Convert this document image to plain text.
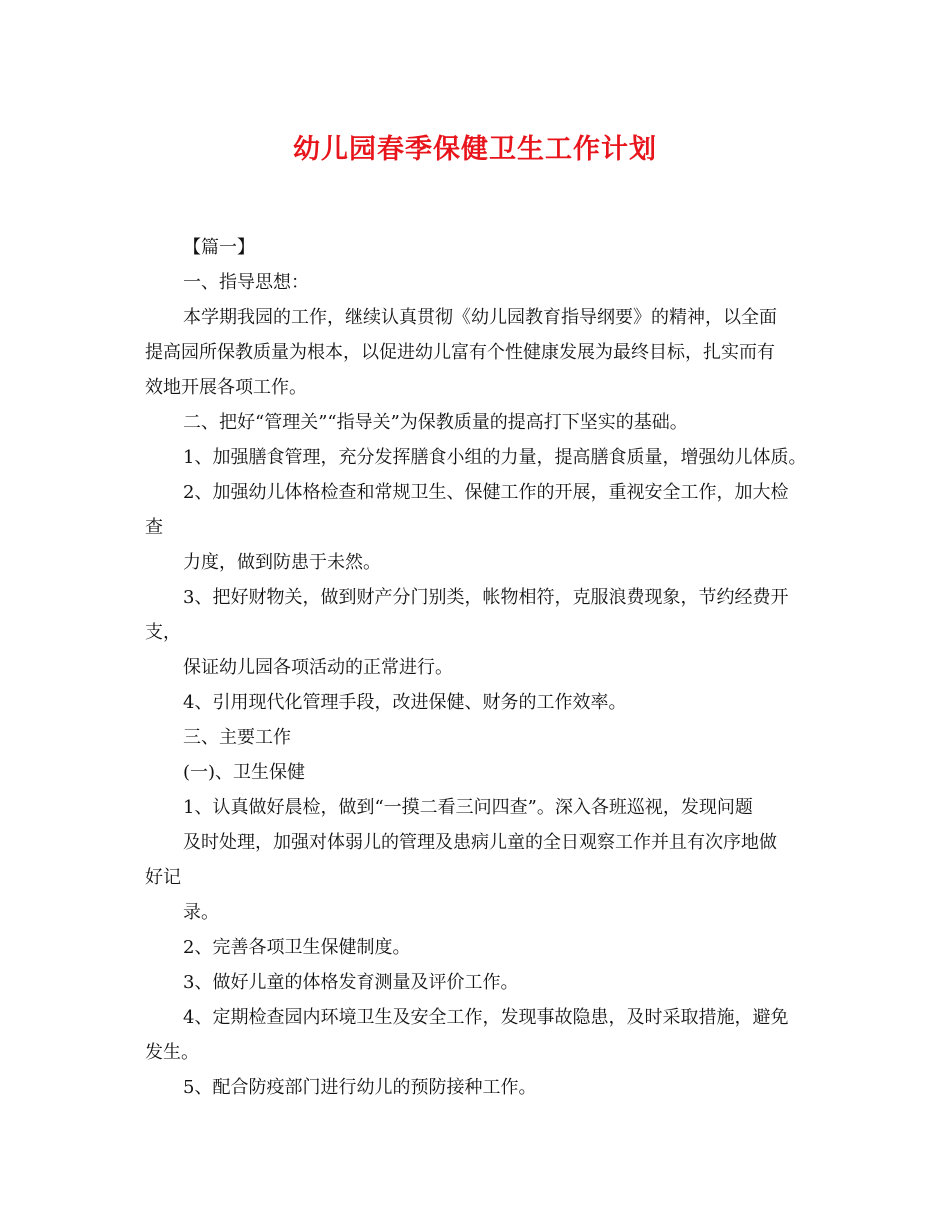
幼儿园春季保健卫生工作计划
【篇一】
一、指导思想：
本学期我园的工作，继续认真贯彻《幼儿园教育指导纲要》的精神，以全面
提高园所保教质量为根本，以促进幼儿富有个性健康发展为最终目标，扎实而有
效地开展各项工作。
二、把好“管理关”“指导关”为保教质量的提高打下坚实的基础。
1、加强膳食管理，充分发挥膳食小组的力量，提高膳食质量，增强幼儿体质。
2、加强幼儿体格检查和常规卫生、保健工作的开展，重视安全工作，加大检
查
力度，做到防患于未然。
3、把好财物关，做到财产分门别类，帐物相符，克服浪费现象，节约经费开
支，
保证幼儿园各项活动的正常进行。
4、引用现代化管理手段，改进保健、财务的工作效率。
三、主要工作
(一)、卫生保健
1、认真做好晨检，做到“一摸二看三问四查”。深入各班巡视，发现问题
及时处理，加强对体弱儿的管理及患病儿童的全日观察工作并且有次序地做
好记
录。
2、完善各项卫生保健制度。
3、做好儿童的体格发育测量及评价工作。
4、定期检查园内环境卫生及安全工作，发现事故隐患，及时采取措施，避免
发生。
5、配合防疫部门进行幼儿的预防接种工作。
